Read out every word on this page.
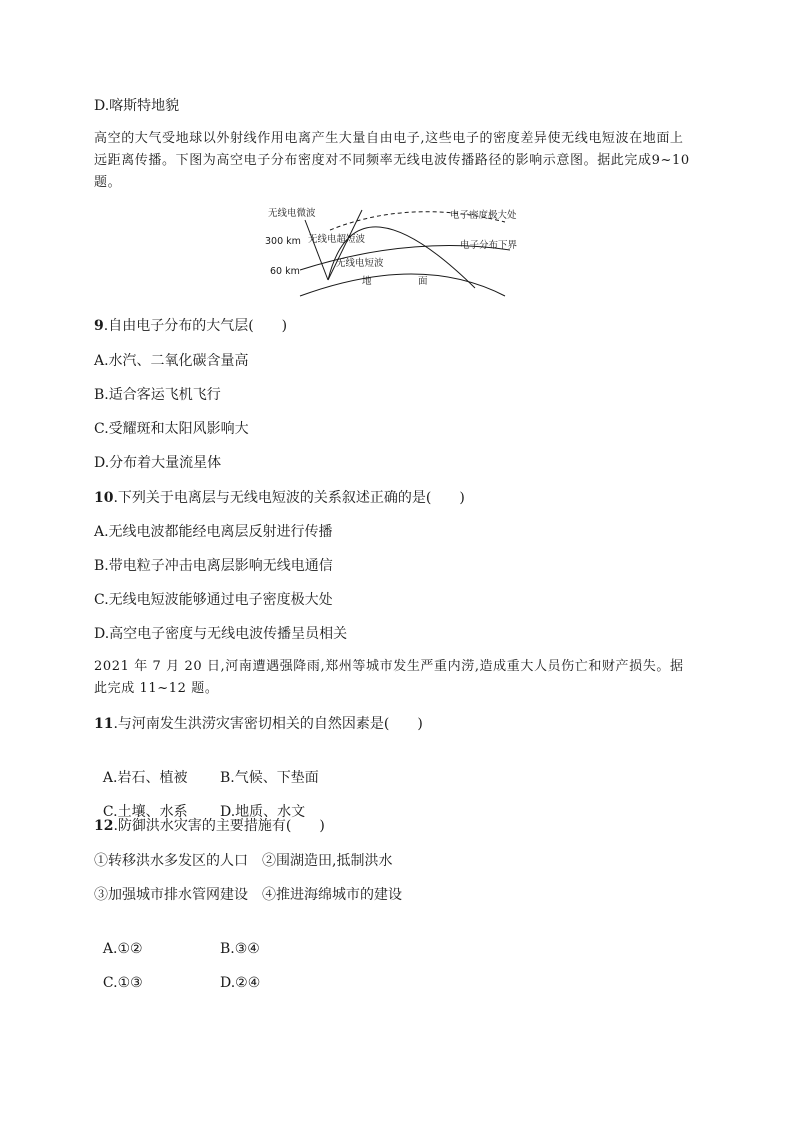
D.喀斯特地貌
高空的大气受地球以外射线作用电离产生大量自由电子,这些电子的密度差异使无线电短波在地面上远距离传播。下图为高空电子分布密度对不同频率无线电波传播路径的影响示意图。据此完成9~10题。
无线电微波
无线电超短波
无线电短波
电子密度极大处
电子分布下界
300 km
60 km
地	面
9.自由电子分布的大气层(　　)
A.水汽、二氧化碳含量高
B.适合客运飞机飞行
C.受耀斑和太阳风影响大
D.分布着大量流星体
10.下列关于电离层与无线电短波的关系叙述正确的是(　　)
A.无线电波都能经电离层反射进行传播
B.带电粒子冲击电离层影响无线电通信
C.无线电短波能够通过电子密度极大处
D.高空电子密度与无线电波传播呈员相关
2021 年 7 月 20 日,河南遭遇强降雨,郑州等城市发生严重内涝,造成重大人员伤亡和财产损失。据此完成 11~12 题。
11.与河南发生洪涝灾害密切相关的自然因素是(　　)

A.岩石、植被 B.气候、下垫面

C.土壤、水系 D.地质、水文

12.防御洪水灾害的主要措施有(　　)
①转移洪水多发区的人口　②围湖造田,抵制洪水
③加强城市排水管网建设　④推进海绵城市的建设

A.①②	B.③④

C.①③	D.②④
